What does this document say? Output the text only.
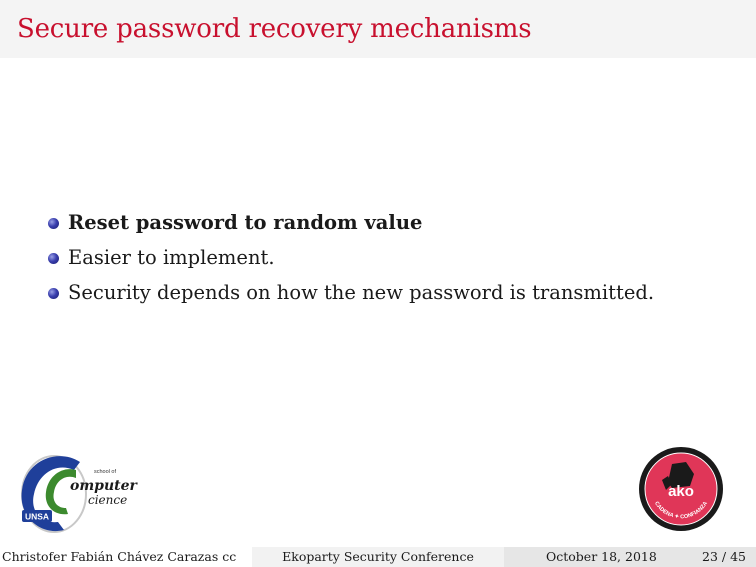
Secure password recovery mechanisms
Reset password to random value
Easier to implement.
Security depends on how the new password is transmitted.
UNSA
school of
omputer
cience	ako
CADENA ✦ CONFIANZA
Christofer Fabián Chávez Carazas cc	Ekoparty Security Conference	October 18, 2018	23 / 45
